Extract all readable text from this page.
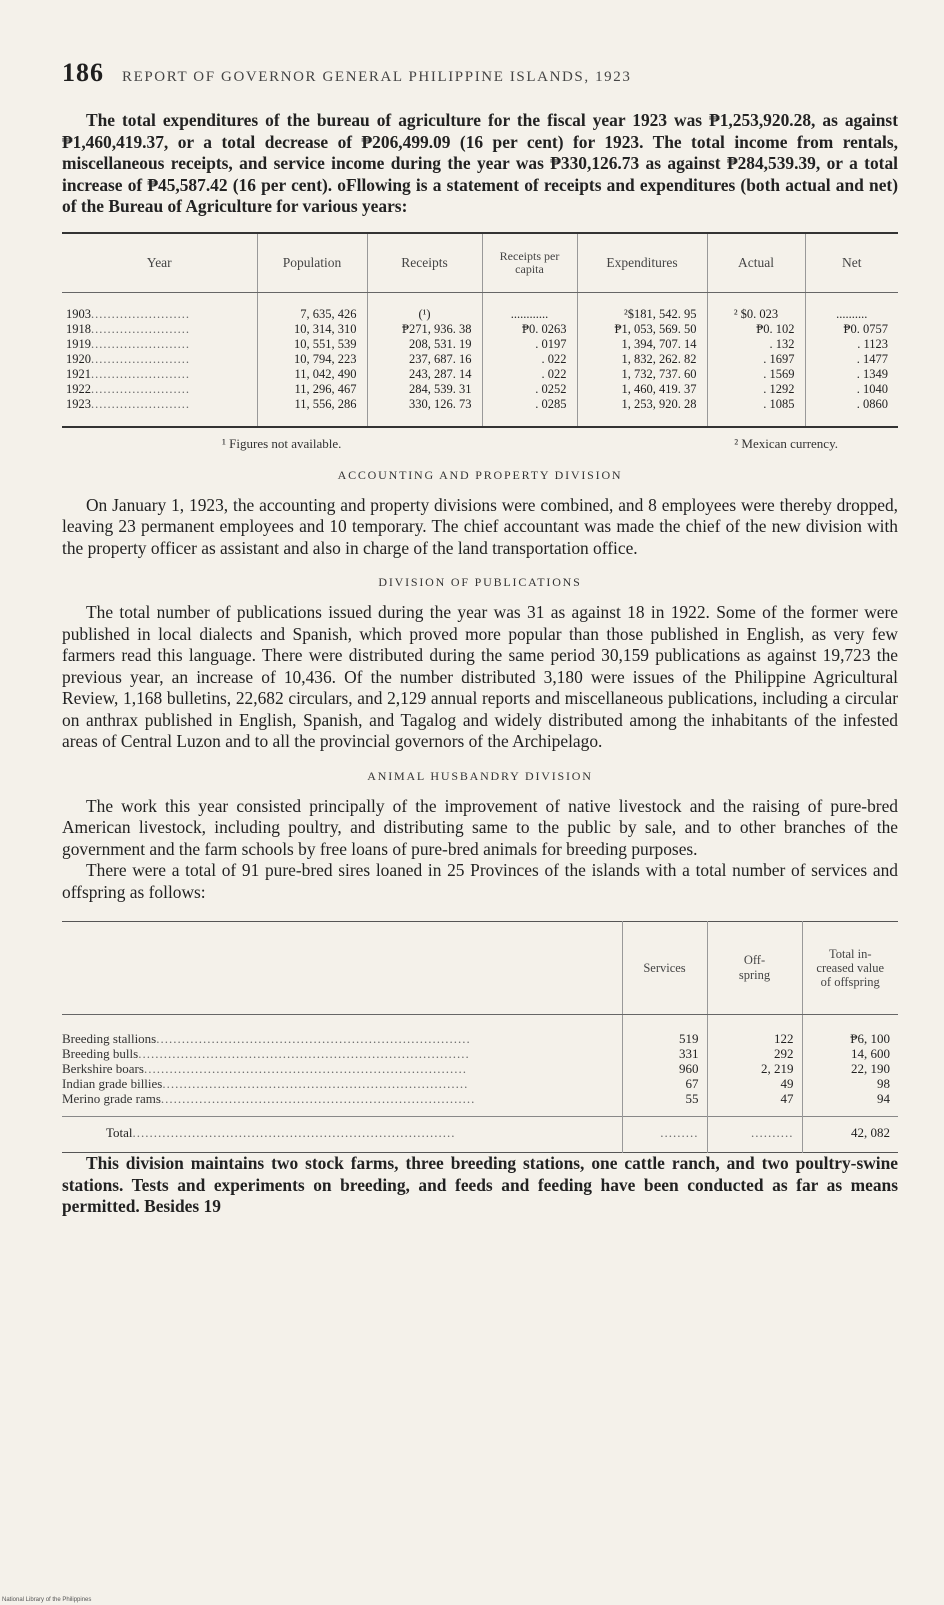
186 REPORT OF GOVERNOR GENERAL PHILIPPINE ISLANDS, 1923

The total expenditures of the bureau of agriculture for the fiscal year 1923 was ₱1,253,920.28, as against ₱1,460,419.37, or a total decrease of ₱206,499.09 (16 per cent) for 1923. The total income from rentals, miscellaneous receipts, and service income during the year was ₱330,126.73 as against ₱284,539.39, or a total increase of ₱45,587.42 (16 per cent). oFllowing is a statement of receipts and expenditures (both actual and net) of the Bureau of Agriculture for various years:

Year	Population	Receipts	Receipts per capita	Expenditures	Actual	Net
1903........................	7, 635, 426	(¹)	............	²$181, 542. 95	² $0. 023	..........
1918........................	10, 314, 310	₱271, 936. 38	₱0. 0263	₱1, 053, 569. 50	₱0. 102	₱0. 0757
1919........................	10, 551, 539	208, 531. 19	. 0197	1, 394, 707. 14	. 132	. 1123
1920........................	10, 794, 223	237, 687. 16	. 022	1, 832, 262. 82	. 1697	. 1477
1921........................	11, 042, 490	243, 287. 14	. 022	1, 732, 737. 60	. 1569	. 1349
1922........................	11, 296, 467	284, 539. 31	. 0252	1, 460, 419. 37	. 1292	. 1040
1923........................	11, 556, 286	330, 126. 73	. 0285	1, 253, 920. 28	. 1085	. 0860
¹ Figures not available.	² Mexican currency.
ACCOUNTING AND PROPERTY DIVISION

On January 1, 1923, the accounting and property divisions were combined, and 8 employees were thereby dropped, leaving 23 permanent employees and 10 temporary. The chief accountant was made the chief of the new division with the property officer as assistant and also in charge of the land transportation office.

DIVISION OF PUBLICATIONS

The total number of publications issued during the year was 31 as against 18 in 1922. Some of the former were published in local dialects and Spanish, which proved more popular than those published in English, as very few farmers read this language. There were distributed during the same period 30,159 publications as against 19,723 the previous year, an increase of 10,436. Of the number distributed 3,180 were issues of the Philippine Agricultural Review, 1,168 bulletins, 22,682 circulars, and 2,129 annual reports and miscellaneous publications, including a circular on anthrax published in English, Spanish, and Tagalog and widely distributed among the inhabitants of the infested areas of Central Luzon and to all the provincial governors of the Archipelago.

ANIMAL HUSBANDRY DIVISION

The work this year consisted principally of the improvement of native livestock and the raising of pure-bred American livestock, including poultry, and distributing same to the public by sale, and to other branches of the government and the farm schools by free loans of pure-bred animals for breeding purposes.

There were a total of 91 pure-bred sires loaned in 25 Provinces of the islands with a total number of services and offspring as follows:

	Services	Off-spring	Total in-creased value of offspring
Breeding stallions..........................................................................	519	122	₱6, 100
Breeding bulls..............................................................................	331	292	14, 600
Berkshire boars............................................................................	960	2, 219	22, 190
Indian grade billies........................................................................	67	49	98
Merino grade rams..........................................................................	55	47	94
Total............................................................................	.........	..........	42, 082

This division maintains two stock farms, three breeding stations, one cattle ranch, and two poultry-swine stations. Tests and experiments on breeding, and feeds and feeding have been conducted as far as means permitted. Besides 19

National Library of the Philippines
